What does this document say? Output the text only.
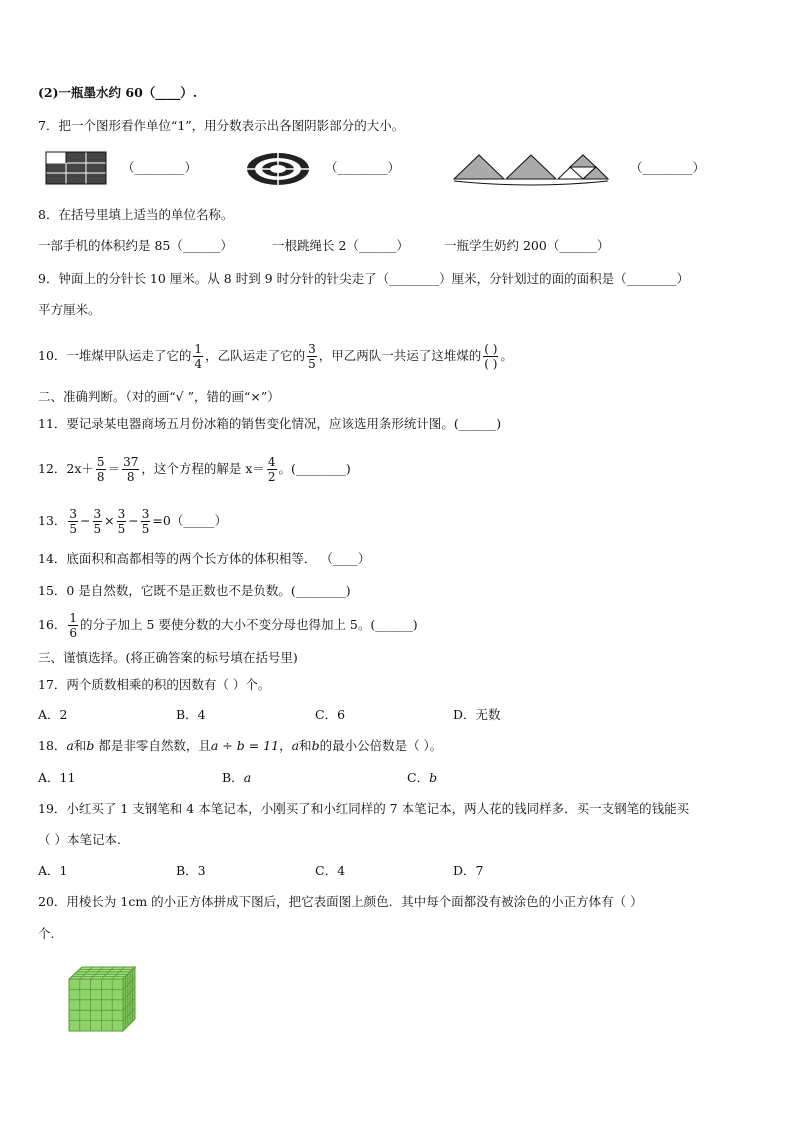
(2)一瓶墨水约 60（____）.
7．把一个图形看作单位“1”，用分数表示出各图阴影部分的大小。
（________）	（________）	（________）
8．在括号里填上适当的单位名称。
一部手机的体积约是 85（______）	一根跳绳长 2（______）	一瓶学生奶约 200（______）
9．钟面上的分针长 10 厘米。从 8 时到 9 时分针的针尖走了（________）厘米，分针划过的面的面积是（________）
平方厘米。
10．一堆煤甲队运走了它的 $\frac{1}{4}$ ，乙队运走了它的 $\frac{3}{5}$ ，甲乙两队一共运了这堆煤的 $\frac{( )}{( )}$ 。
二、准确判断。（对的画“√ ”，错的画“×”）
11．要记录某电器商场五月份冰箱的销售变化情况，应该选用条形统计图。(______)
12．$2x+ \frac{5}{8} = \frac{37}{8}$ ，这个方程的解是 $x= \frac{4}{2}$ 。(________)
13． $\frac{3}{5} - \frac{3}{5} \times \frac{3}{5} - \frac{3}{5}$ =0（_____）
14．底面积和高都相等的两个长方体的体积相等． （____）
15．0 是自然数，它既不是正数也不是负数。(________)
16． $\frac{1}{6}$ 的分子加上 5 要使分数的大小不变分母也得加上 5。(______)
三、谨慎选择。(将正确答案的标号填在括号里)
17．两个质数相乘的积的因数有（ ）个。
A．2	B．4	C．6	D．无数
18．a和b 都是非零自然数，且a ÷ b = 11，a和b的最小公倍数是（ ）。
A．11	B．a	C．b
19．小红买了 1 支钢笔和 4 本笔记本，小刚买了和小红同样的 7 本笔记本，两人花的钱同样多．买一支钢笔的钱能买
（ ）本笔记本.
A．1	B．3	C．4	D．7
20．用棱长为 1cm 的小正方体拼成下图后，把它表面图上颜色．其中每个面都没有被涂色的小正方体有（ ）
个.
